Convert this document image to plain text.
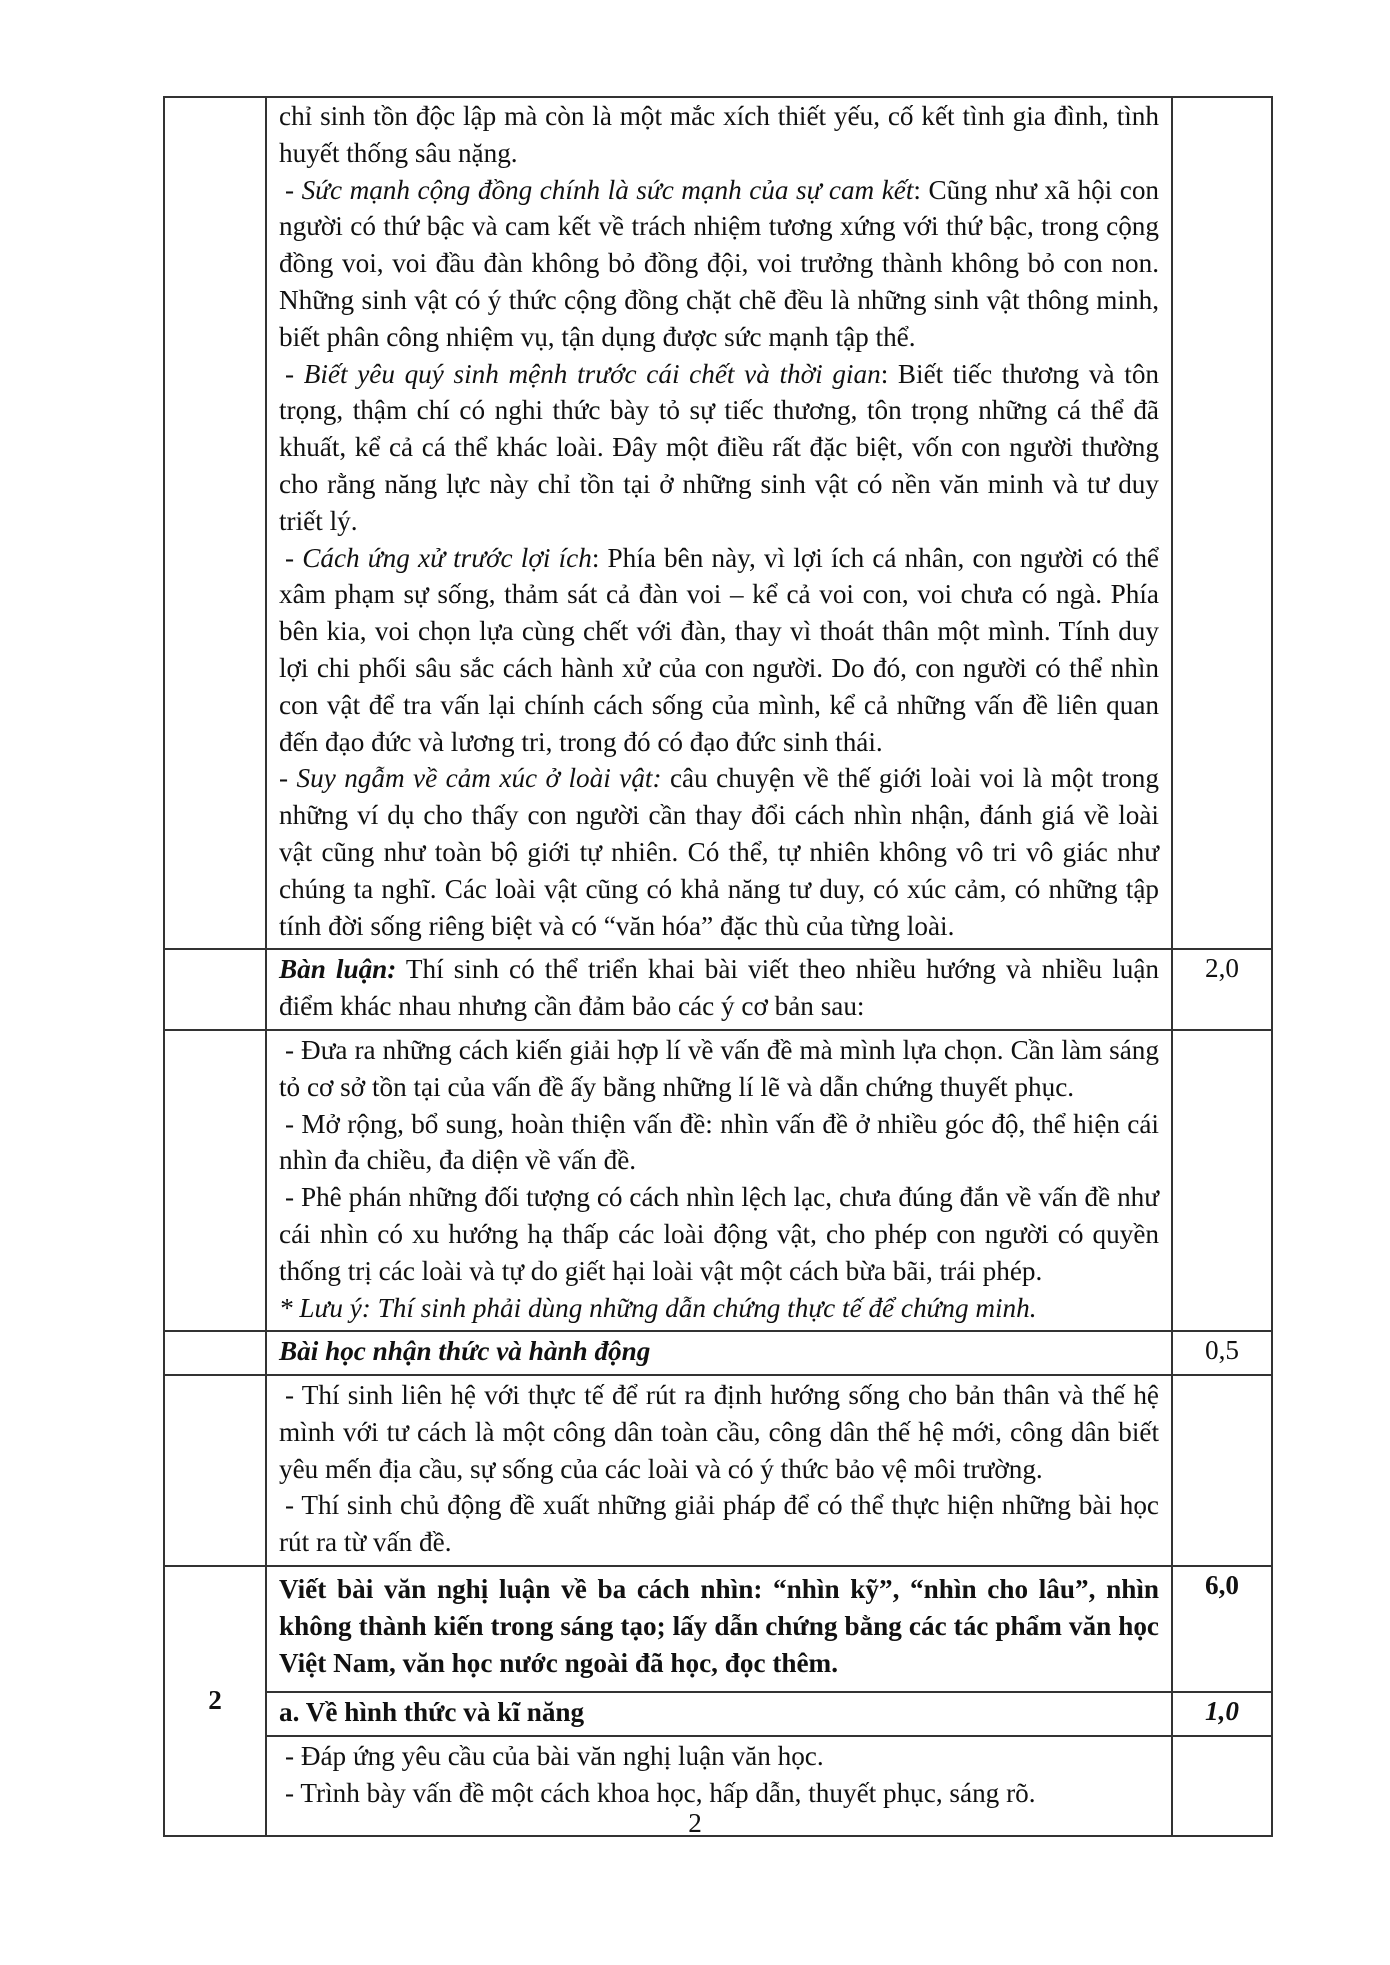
	chỉ sinh tồn độc lập mà còn là một mắc xích thiết yếu, cố kết tình gia đình, tình huyết thống sâu nặng.

- Sức mạnh cộng đồng chính là sức mạnh của sự cam kết: Cũng như xã hội con người có thứ bậc và cam kết về trách nhiệm tương xứng với thứ bậc, trong cộng đồng voi, voi đầu đàn không bỏ đồng đội, voi trưởng thành không bỏ con non. Những sinh vật có ý thức cộng đồng chặt chẽ đều là những sinh vật thông minh, biết phân công nhiệm vụ, tận dụng được sức mạnh tập thể.

- Biết yêu quý sinh mệnh trước cái chết và thời gian: Biết tiếc thương và tôn trọng, thậm chí có nghi thức bày tỏ sự tiếc thương, tôn trọng những cá thể đã khuất, kể cả cá thể khác loài. Đây một điều rất đặc biệt, vốn con người thường cho rằng năng lực này chỉ tồn tại ở những sinh vật có nền văn minh và tư duy triết lý.

- Cách ứng xử trước lợi ích: Phía bên này, vì lợi ích cá nhân, con người có thể xâm phạm sự sống, thảm sát cả đàn voi – kể cả voi con, voi chưa có ngà. Phía bên kia, voi chọn lựa cùng chết với đàn, thay vì thoát thân một mình. Tính duy lợi chi phối sâu sắc cách hành xử của con người. Do đó, con người có thể nhìn con vật để tra vấn lại chính cách sống của mình, kể cả những vấn đề liên quan đến đạo đức và lương tri, trong đó có đạo đức sinh thái.

- Suy ngẫm về cảm xúc ở loài vật: câu chuyện về thế giới loài voi là một trong những ví dụ cho thấy con người cần thay đổi cách nhìn nhận, đánh giá về loài vật cũng như toàn bộ giới tự nhiên. Có thể, tự nhiên không vô tri vô giác như chúng ta nghĩ. Các loài vật cũng có khả năng tư duy, có xúc cảm, có những tập tính đời sống riêng biệt và có “văn hóa” đặc thù của từng loài.	

	Bàn luận: Thí sinh có thể triển khai bài viết theo nhiều hướng và nhiều luận điểm khác nhau nhưng cần đảm bảo các ý cơ bản sau:	2,0

	- Đưa ra những cách kiến giải hợp lí về vấn đề mà mình lựa chọn. Cần làm sáng tỏ cơ sở tồn tại của vấn đề ấy bằng những lí lẽ và dẫn chứng thuyết phục.

- Mở rộng, bổ sung, hoàn thiện vấn đề: nhìn vấn đề ở nhiều góc độ, thể hiện cái nhìn đa chiều, đa diện về vấn đề.

- Phê phán những đối tượng có cách nhìn lệch lạc, chưa đúng đắn về vấn đề như cái nhìn có xu hướng hạ thấp các loài động vật, cho phép con người có quyền thống trị các loài và tự do giết hại loài vật một cách bừa bãi, trái phép.

* Lưu ý: Thí sinh phải dùng những dẫn chứng thực tế để chứng minh.	

	Bài học nhận thức và hành động	0,5

	- Thí sinh liên hệ với thực tế để rút ra định hướng sống cho bản thân và thế hệ mình với tư cách là một công dân toàn cầu, công dân thế hệ mới, công dân biết yêu mến địa cầu, sự sống của các loài và có ý thức bảo vệ môi trường.

- Thí sinh chủ động đề xuất những giải pháp để có thể thực hiện những bài học rút ra từ vấn đề.	

2	Viết bài văn nghị luận về ba cách nhìn: “nhìn kỹ”, “nhìn cho lâu”, nhìn không thành kiến trong sáng tạo; lấy dẫn chứng bằng các tác phẩm văn học Việt Nam, văn học nước ngoài đã học, đọc thêm.	6,0

	a. Về hình thức và kĩ năng	1,0

	- Đáp ứng yêu cầu của bài văn nghị luận văn học.

- Trình bày vấn đề một cách khoa học, hấp dẫn, thuyết phục, sáng rõ.	

2
